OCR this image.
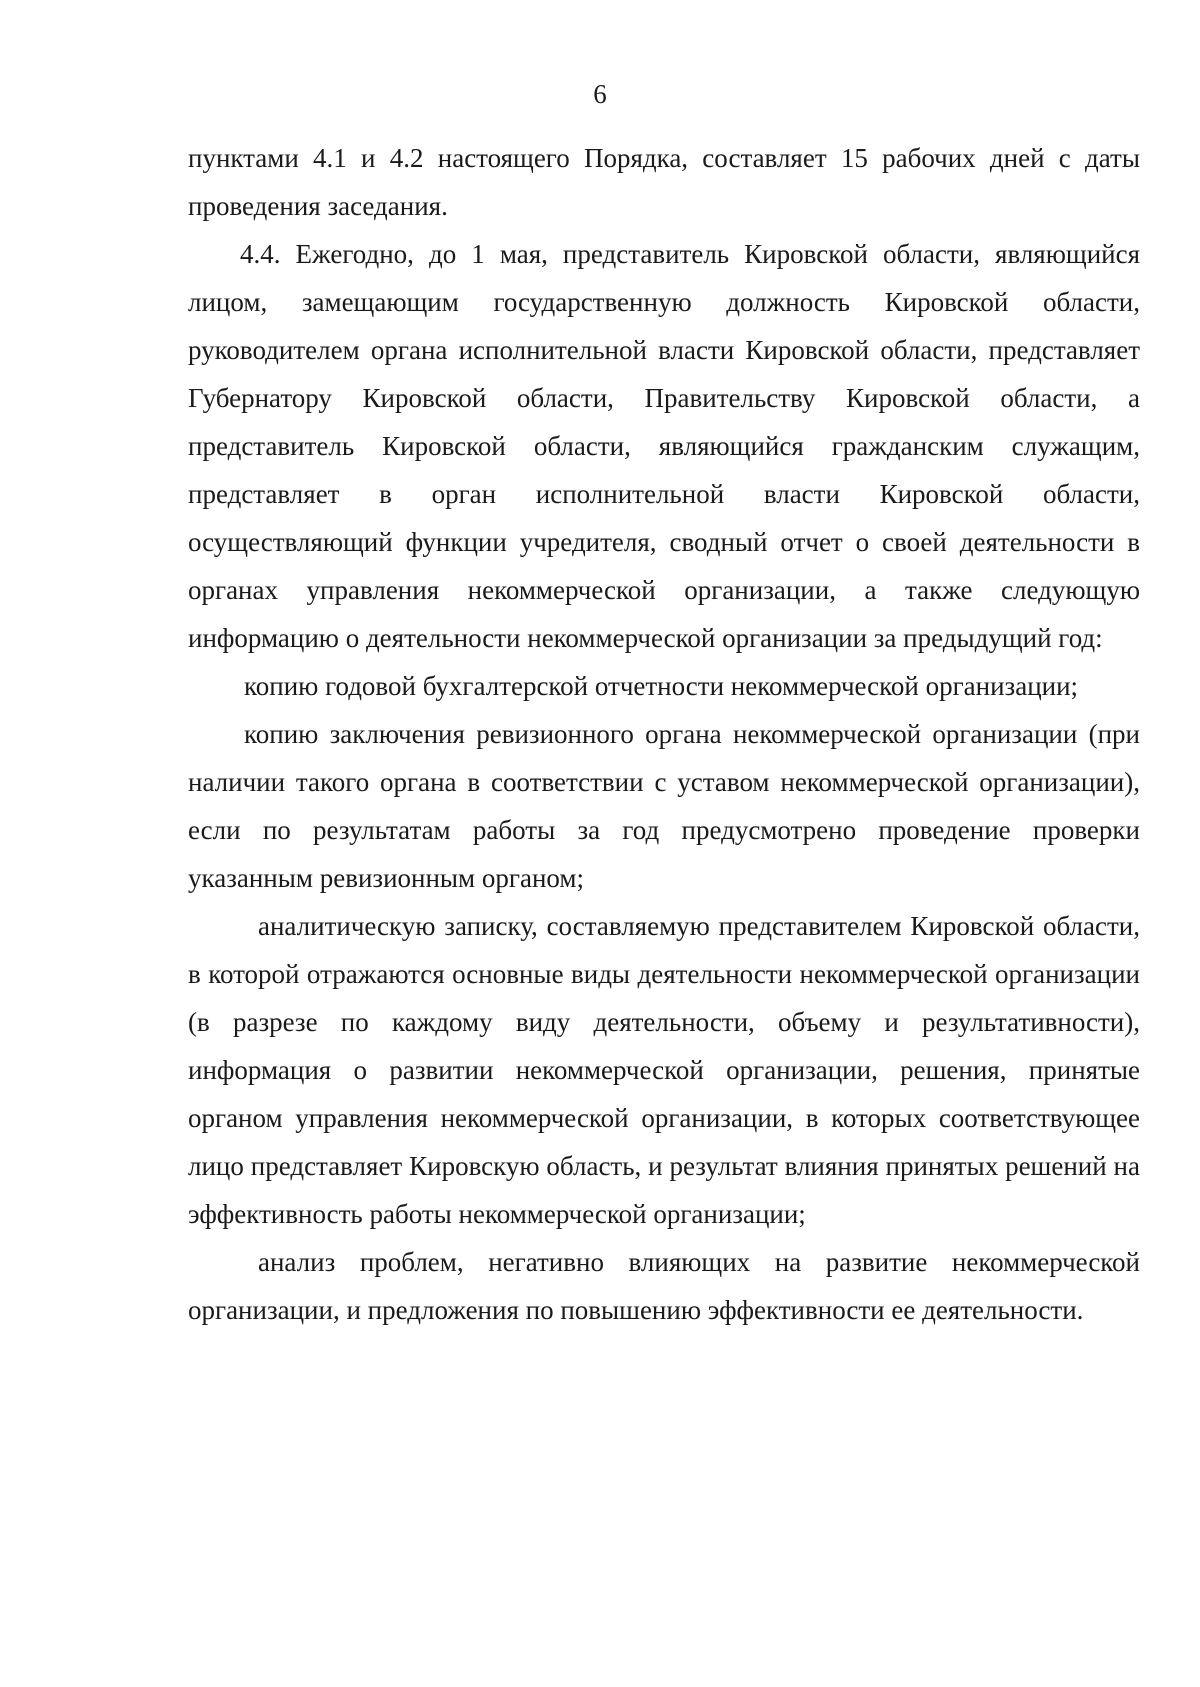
6

пунктами 4.1 и 4.2 настоящего Порядка, составляет 15 рабочих дней с даты проведения заседания.

4.4. Ежегодно, до 1 мая, представитель Кировской области, являющийся лицом, замещающим государственную должность Кировской области, руководителем органа исполнительной власти Кировской области, представляет Губернатору Кировской области, Правительству Кировской области, а представитель Кировской области, являющийся гражданским служащим, представляет в орган исполнительной власти Кировской области, осуществляющий функции учредителя, сводный отчет о своей деятельности в органах управления некоммерческой организации, а также следующую информацию о деятельности некоммерческой организации за предыдущий год:

копию годовой бухгалтерской отчетности некоммерческой организации;

копию заключения ревизионного органа некоммерческой организации (при наличии такого органа в соответствии с уставом некоммерческой организации), если по результатам работы за год предусмотрено проведение проверки указанным ревизионным органом;

аналитическую записку, составляемую представителем Кировской области, в которой отражаются основные виды деятельности некоммерческой организации (в разрезе по каждому виду деятельности, объему и результативности), информация о развитии некоммерческой организации, решения, принятые органом управления некоммерческой организации, в которых соответствующее лицо представляет Кировскую область, и результат влияния принятых решений на эффективность работы некоммерческой организации;

анализ проблем, негативно влияющих на развитие некоммерческой организации, и предложения по повышению эффективности ее деятельности.
